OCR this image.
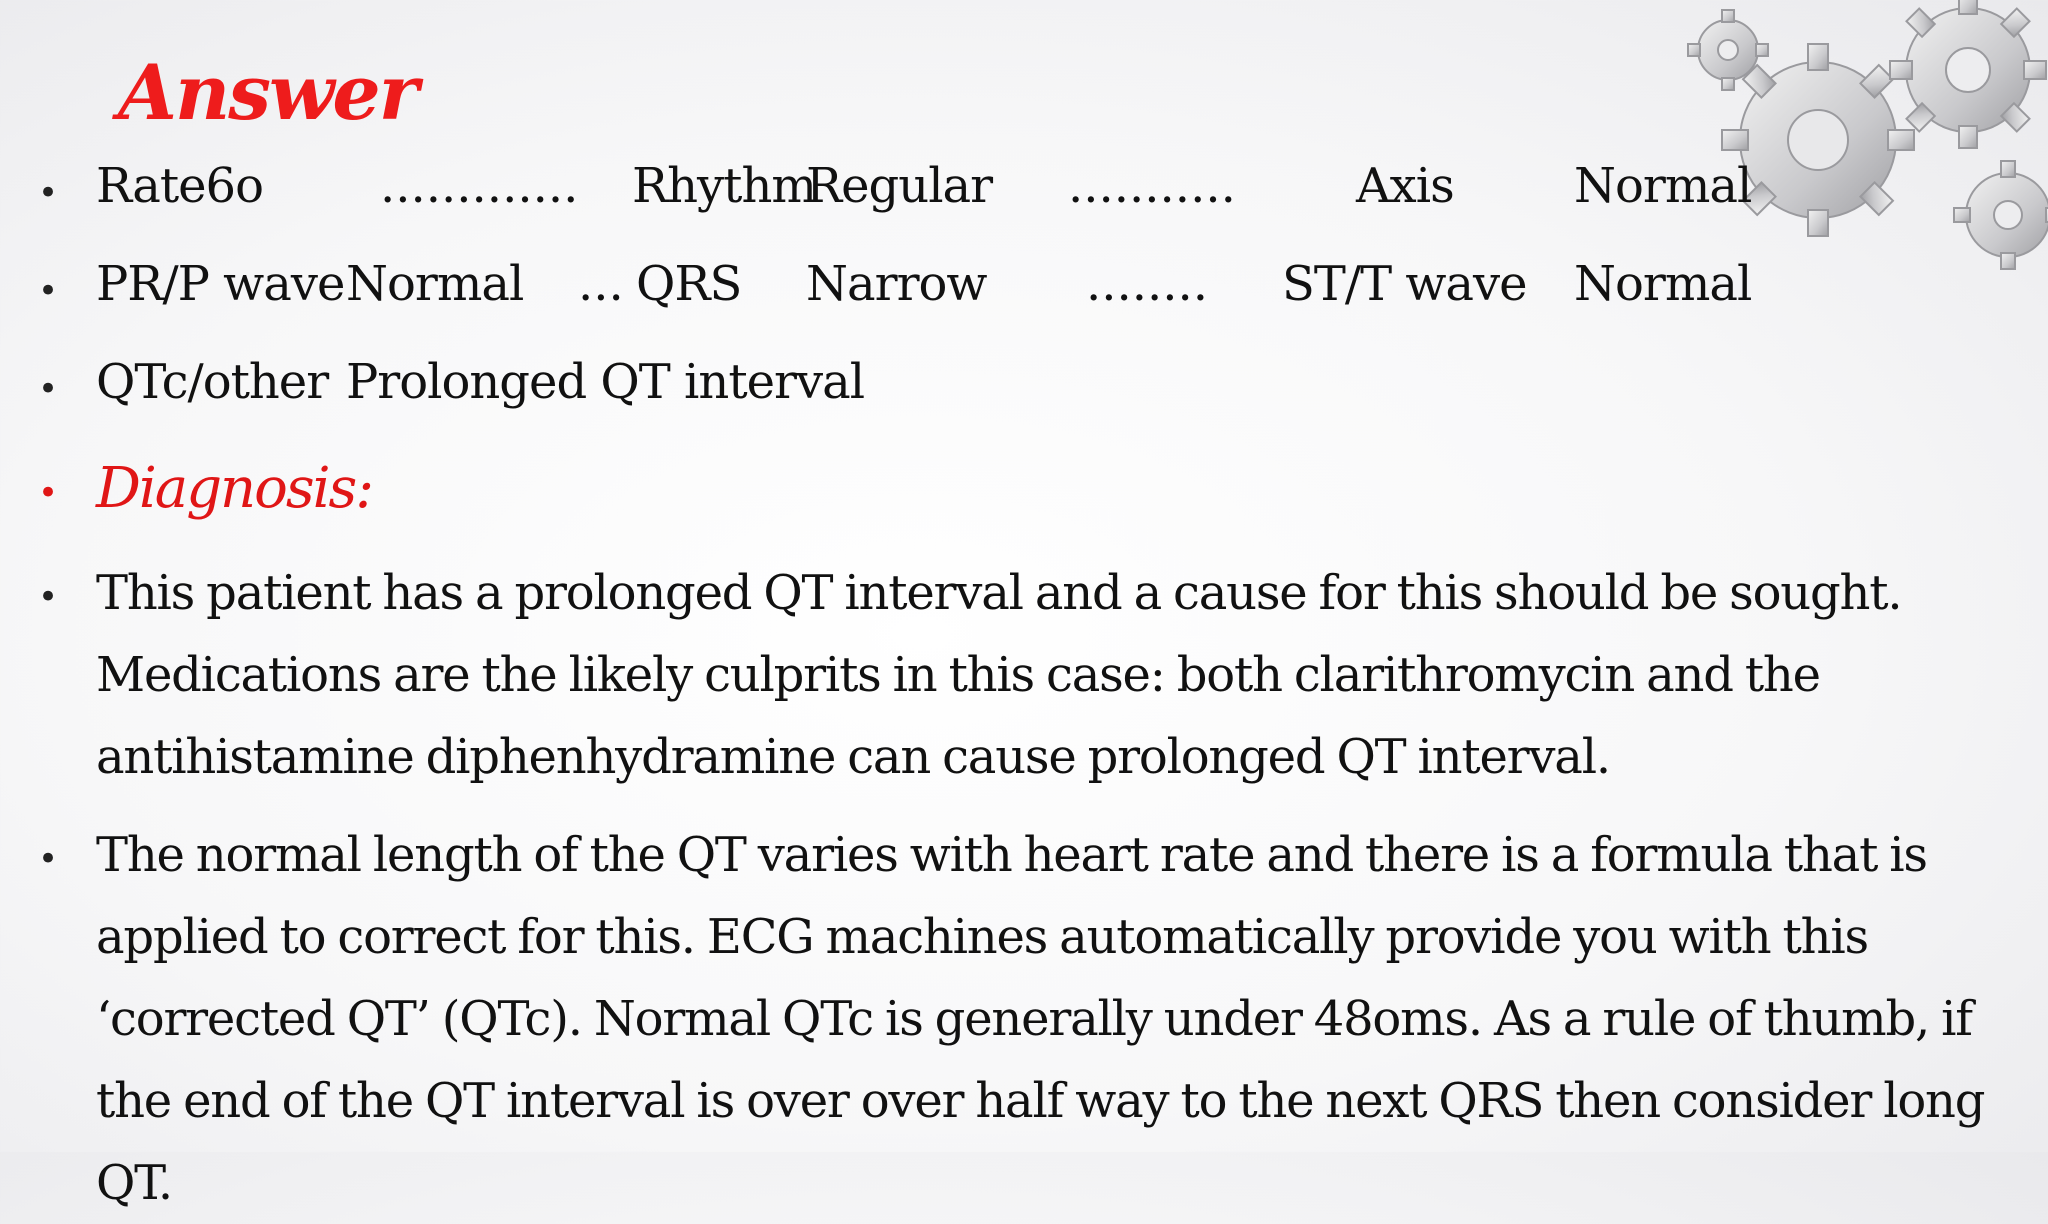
Answer
• Rate6o ............. Rhythm
Regular ...........	Axis	Normal
• PR/P wave Normal ... QRS Narrow ........ ST/T wave Normal
• QTc/other Prolonged QT interval
• Diagnosis:
• This patient has a prolonged QT interval and a cause for this should be sought. Medications are the likely culprits in this case: both clarithromycin and the antihistamine diphenhydramine can cause prolonged QT interval.

• The normal length of the QT varies with heart rate and there is a formula that is applied to correct for this. ECG machines automatically provide you with this ‘corrected QT’ (QTc). Normal QTc is generally under 48oms. As a rule of thumb, if the end of the QT interval is over over half way to the next QRS then consider long QT.
